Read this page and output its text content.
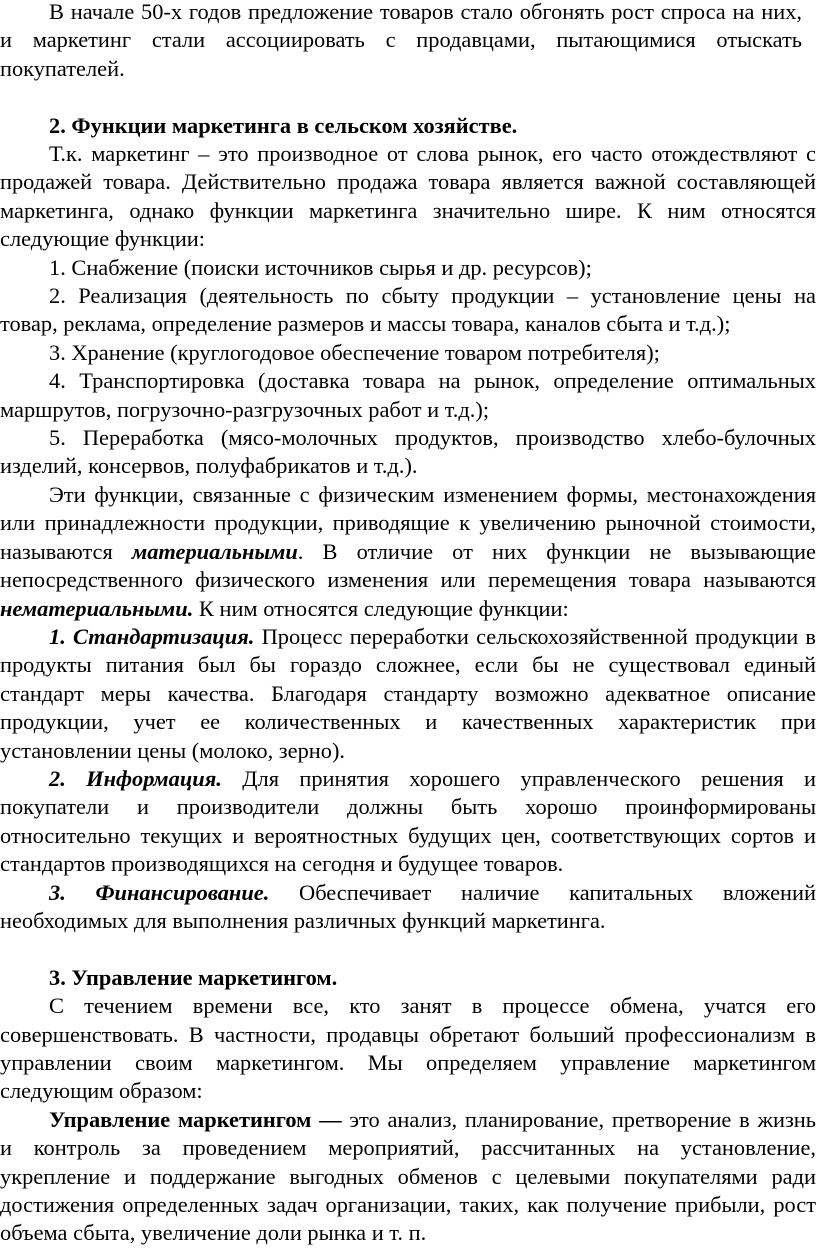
В начале 50-х годов предложение товаров стало обгонять рост спроса на них, и маркетинг стали ассоциировать с продавцами, пытающимися отыскать покупателей.

2. Функции маркетинга в сельском хозяйстве.

Т.к. маркетинг – это производное от слова рынок, его часто отождествляют с продажей товара. Действительно продажа товара является важной составляющей маркетинга, однако функции маркетинга значительно шире. К ним относятся следующие функции:

1. Снабжение (поиски источников сырья и др. ресурсов);

2. Реализация (деятельность по сбыту продукции – установление цены на товар, реклама, определение размеров и массы товара, каналов сбыта и т.д.);

3. Хранение (круглогодовое обеспечение товаром потребителя);

4. Транспортировка (доставка товара на рынок, определение оптимальных маршрутов, погрузочно-разгрузочных работ и т.д.);

5. Переработка (мясо-молочных продуктов, производство хлебо-булочных изделий, консервов, полуфабрикатов и т.д.).

Эти функции, связанные с физическим изменением формы, местонахождения или принадлежности продукции, приводящие к увеличению рыночной стоимости, называются материальными. В отличие от них функции не вызывающие непосредственного физического изменения или перемещения товара называются нематериальными. К ним относятся следующие функции:

1. Стандартизация. Процесс переработки сельскохозяйственной продукции в продукты питания был бы гораздо сложнее, если бы не существовал единый стандарт меры качества. Благодаря стандарту возможно адекватное описание продукции, учет ее количественных и качественных характеристик при установлении цены (молоко, зерно).

2. Информация. Для принятия хорошего управленческого решения и покупатели и производители должны быть хорошо проинформированы относительно текущих и вероятностных будущих цен, соответствующих сортов и стандартов производящихся на сегодня и будущее товаров.

3. Финансирование. Обеспечивает наличие капитальных вложений необходимых для выполнения различных функций маркетинга.

3. Управление маркетингом.

С течением времени все, кто занят в процессе обмена, учатся его совершенствовать. В частности, продавцы обретают больший профессионализм в управлении своим маркетингом. Мы определяем управление маркетингом следующим образом:

Управление маркетингом — это анализ, планирование, претворение в жизнь и контроль за проведением мероприятий, рассчитанных на установление, укрепление и поддержание выгодных обменов с целевыми покупателями ради достижения определенных задач организации, таких, как получение прибыли, рост объема сбыта, увеличение доли рынка и т. п.
